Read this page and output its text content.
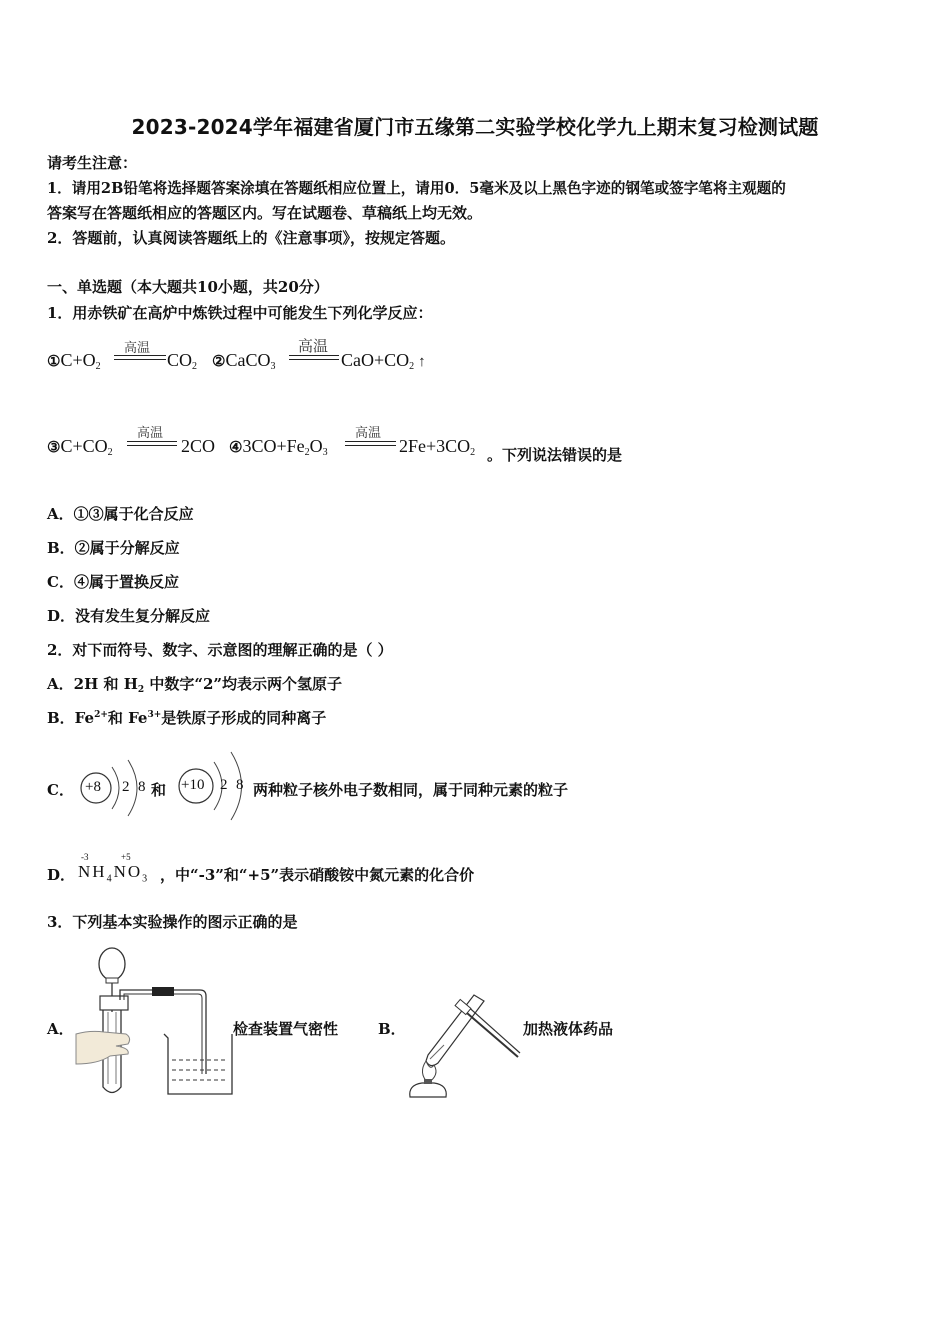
2023-2024学年福建省厦门市五缘第二实验学校化学九上期末复习检测试题
请考生注意：
1．请用2B铅笔将选择题答案涂填在答题纸相应位置上，请用0．5毫米及以上黑色字迹的钢笔或签字笔将主观题的
答案写在答题纸相应的答题区内。写在试题卷、草稿纸上均无效。
2．答题前，认真阅读答题纸上的《注意事项》，按规定答题。
一、单选题（本大题共10小题，共20分）
1．用赤铁矿在高炉中炼铁过程中可能发生下列化学反应：
$①C+O_2$
高温
$CO_2$ ②CaCO$_3$
高温
$CaO+CO_2$ ↑
$③C+CO_2$
高温
2CO $④3CO+Fe_2O_3$
高温
$2Fe+3CO_2$ 。下列说法错误的是
A．①③属于化合反应
B．②属于分解反应
C．④属于置换反应
D．没有发生复分解反应
2．对下而符号、数字、示意图的理解正确的是（ ）
A．2H 和 $H_2$ 中数字“2”均表示两个氢原子
B．$Fe^{2+}$和 $Fe^{3+}$是铁原子形成的同种离子
C． +8 2 8 和 +10 2 8 两种粒子核外电子数相同，属于同种元素的粒子
D．
-3	+5
$NH_4NO_3$ ，中“-3”和“+5”表示硝酸铵中氮元素的化合价
3．下列基本实验操作的图示正确的是
A．	检查装置气密性	B．	加热液体药品
